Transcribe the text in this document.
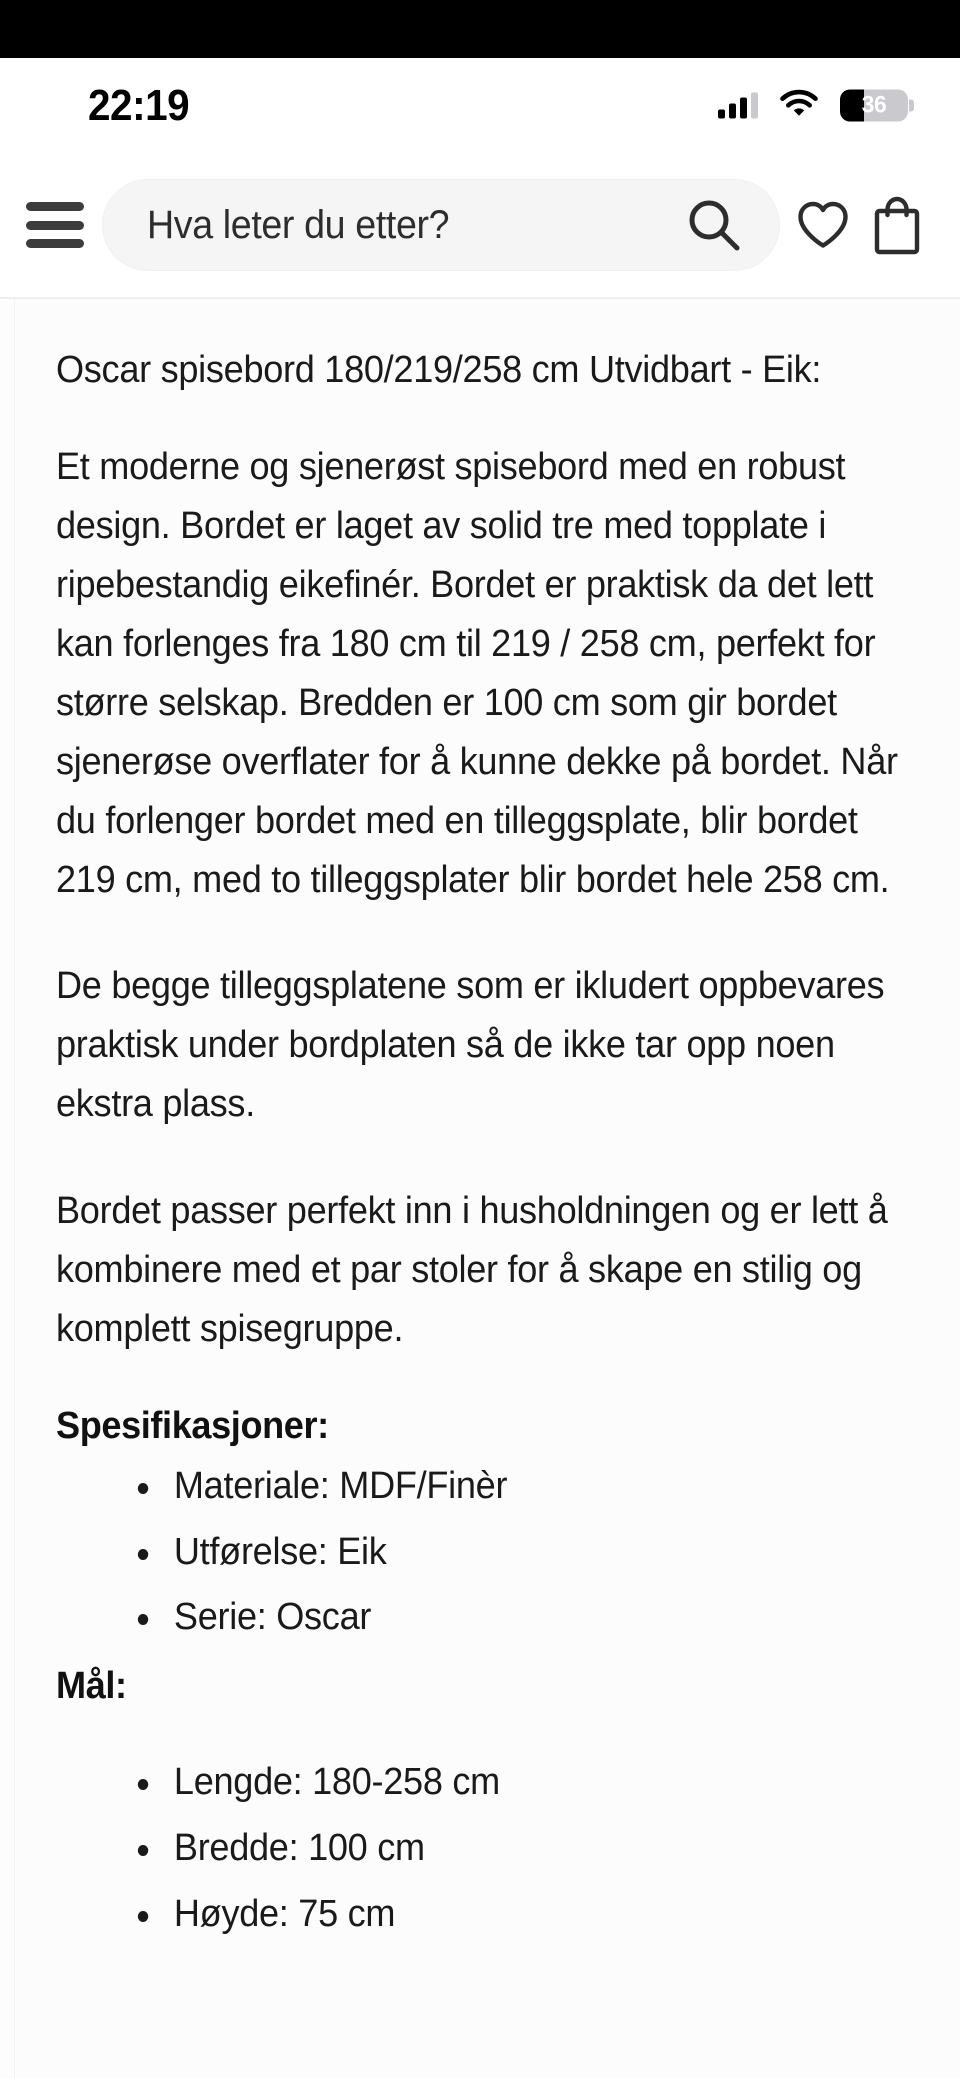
22:19	36
Hva leter du etter?
Oscar spisebord 180/219/258 cm Utvidbart - Eik:

Et moderne og sjenerøst spisebord med en robust design. Bordet er laget av solid tre med topplate i ripebestandig eikefinér. Bordet er praktisk da det lett kan forlenges fra 180 cm til 219 / 258 cm, perfekt for større selskap. Bredden er 100 cm som gir bordet sjenerøse overflater for å kunne dekke på bordet. Når du forlenger bordet med en tilleggsplate, blir bordet 219 cm, med to tilleggsplater blir bordet hele 258 cm.

De begge tilleggsplatene som er ikludert oppbevares praktisk under bordplaten så de ikke tar opp noen ekstra plass.

Bordet passer perfekt inn i husholdningen og er lett å kombinere med et par stoler for å skape en stilig og komplett spisegruppe.

Spesifikasjoner:
Materiale: MDF/Finèr
Utførelse: Eik
Serie: Oscar
Mål:
Lengde: 180-258 cm
Bredde: 100 cm
Høyde: 75 cm
